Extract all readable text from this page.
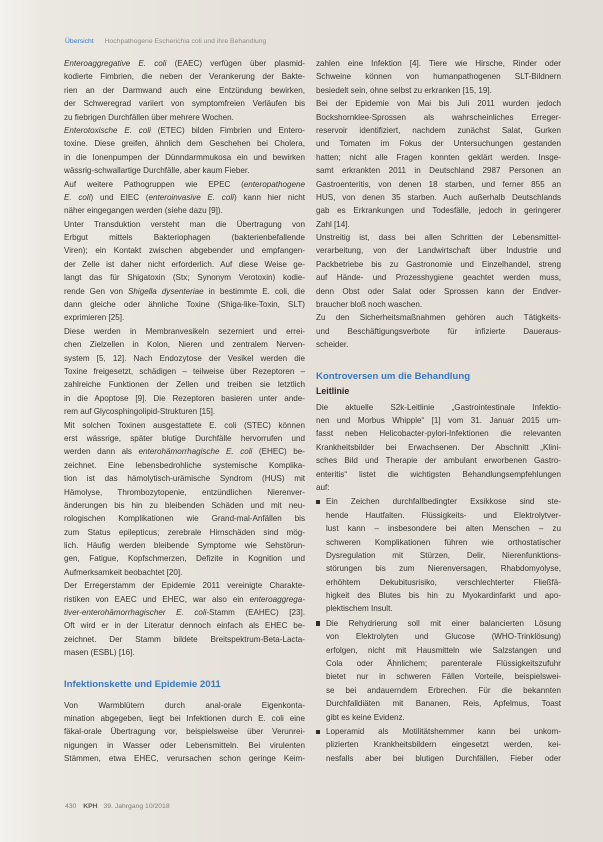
Übersicht Hochpathogene Escherichia coli und ihre Behandlung
Enteroaggregative E. coli (EAEC) verfügen über plasmid-
kodierte Fimbrien, die neben der Verankerung der Bakte-
rien an der Darmwand auch eine Entzündung bewirken,
der Schweregrad variiert von symptomfreien Verläufen bis
zu fiebrigen Durchfällen über mehrere Wochen.
Enterotoxische E. coli (ETEC) bilden Fimbrien und Entero-
toxine. Diese greifen, ähnlich dem Geschehen bei Cholera,
in die Ionenpumpen der Dünndarmmukosa ein und bewirken
wässrig-schwallartige Durchfälle, aber kaum Fieber.
Auf weitere Pathogruppen wie EPEC (enteropathogene
E. coli) und EIEC (enteroinvasive E. coli) kann hier nicht
näher eingegangen werden (siehe dazu [9]).
Unter Transduktion versteht man die Übertragung von
Erbgut mittels Bakteriophagen (bakterienbefallende
Viren); ein Kontakt zwischen abgebender und empfangen-
der Zelle ist daher nicht erforderlich. Auf diese Weise ge-
langt das für Shigatoxin (Stx; Synonym Verotoxin) kodie-
rende Gen von Shigella dysenteriae in bestimmte E. coli, die
dann gleiche oder ähnliche Toxine (Shiga-like-Toxin, SLT)
exprimieren [25].
Diese werden in Membranvesikeln sezerniert und errei-
chen Zielzellen in Kolon, Nieren und zentralem Nerven-
system [5, 12]. Nach Endozytose der Vesikel werden die
Toxine freigesetzt, schädigen – teilweise über Rezeptoren –
zahlreiche Funktionen der Zellen und treiben sie letztlich
in die Apoptose [9]. Die Rezeptoren basieren unter ande-
rem auf Glycosphingolipid-Strukturen [15].
Mit solchen Toxinen ausgestattete E. coli (STEC) können
erst wässrige, später blutige Durchfälle hervorrufen und
werden dann als enterohämorrhagische E. coli (EHEC) be-
zeichnet. Eine lebensbedrohliche systemische Komplika-
tion ist das hämolytisch-urämische Syndrom (HUS) mit
Hämolyse, Thrombozytopenie, entzündlichen Nierenver-
änderungen bis hin zu bleibenden Schäden und mit neu-
rologischen Komplikationen wie Grand-mal-Anfällen bis
zum Status epilepticus; zerebrale Hirnschäden sind mög-
lich. Häufig werden bleibende Symptome wie Sehstörun-
gen, Fatigue, Kopfschmerzen, Defizite in Kognition und
Aufmerksamkeit beobachtet [20].
Der Erregerstamm der Epidemie 2011 vereinigte Charakte-
ristiken von EAEC und EHEC, war also ein enteroaggrega-
tiver-enterohämorrhagischer E. coli-Stamm (EAHEC) [23].
Oft wird er in der Literatur dennoch einfach als EHEC be-
zeichnet. Der Stamm bildete Breitspektrum-Beta-Lacta-
masen (ESBL) [16].
Infektionskette und Epidemie 2011
Von Warmblütern durch anal-orale Eigenkonta-
mination abgegeben, liegt bei Infektionen durch E. coli eine
fäkal-orale Übertragung vor, beispielsweise über Verunrei-
nigungen in Wasser oder Lebensmitteln. Bei virulenten
Stämmen, etwa EHEC, verursachen schon geringe Keim-
zahlen eine Infektion [4]. Tiere wie Hirsche, Rinder oder
Schweine können von humanpathogenen SLT-Bildnern
besiedelt sein, ohne selbst zu erkranken [15, 19].
Bei der Epidemie von Mai bis Juli 2011 wurden jedoch
Bockshornklee-Sprossen als wahrscheinliches Erreger-
reservoir identifiziert, nachdem zunächst Salat, Gurken
und Tomaten im Fokus der Untersuchungen gestanden
hatten; nicht alle Fragen konnten geklärt werden. Insge-
samt erkrankten 2011 in Deutschland 2987 Personen an
Gastroenteritis, von denen 18 starben, und ferner 855 an
HUS, von denen 35 starben. Auch außerhalb Deutschlands
gab es Erkrankungen und Todesfälle, jedoch in geringerer
Zahl [14].
Unstreitig ist, dass bei allen Schritten der Lebensmittel-
verarbeitung, von der Landwirtschaft über Industrie und
Packbetriebe bis zu Gastronomie und Einzelhandel, streng
auf Hände- und Prozesshygiene geachtet werden muss,
denn Obst oder Salat oder Sprossen kann der Endver-
braucher bloß noch waschen.
Zu den Sicherheitsmaßnahmen gehören auch Tätigkeits-
und Beschäftigungsverbote für infizierte Daueraus-
scheider.
Kontroversen um die Behandlung
Leitlinie
Die aktuelle S2k-Leitlinie „Gastrointestinale Infektio-
nen und Morbus Whipple“ [1] vom 31. Januar 2015 um-
fasst neben Helicobacter-pylori-Infektionen die relevanten
Krankheitsbilder bei Erwachsenen. Der Abschnitt „Klini-
sches Bild und Therapie der ambulant erworbenen Gastro-
enteritis“ listet die wichtigsten Behandlungsempfehlungen
auf:
Ein Zeichen durchfallbedingter Exsikkose sind ste-
hende Hautfalten. Flüssigkeits- und Elektrolytver-
lust kann – insbesondere bei alten Menschen – zu
schweren Komplikationen führen wie orthostatischer
Dysregulation mit Stürzen, Delir, Nierenfunktions-
störungen bis zum Nierenversagen, Rhabdomyolyse,
erhöhtem Dekubitusrisiko, verschlechterter Fließfä-
higkeit des Blutes bis hin zu Myokardinfarkt und apo-
plektischem Insult.
Die Rehydrierung soll mit einer balancierten Lösung
von Elektrolyten und Glucose (WHO-Trinklösung)
erfolgen, nicht mit Hausmitteln wie Salzstangen und
Cola oder Ähnlichem; parenterale Flüssigkeitszufuhr
bietet nur in schweren Fällen Vorteile, beispielswei-
se bei andauerndem Erbrechen. Für die bekannten
Durchfalldiäten mit Bananen, Reis, Apfelmus, Toast
gibt es keine Evidenz.
Loperamid als Motilitätshemmer kann bei unkom-
plizierten Krankheitsbildern eingesetzt werden, kei-
nesfalls aber bei blutigen Durchfällen, Fieber oder
430 KPH 39. Jahrgang 10/2018
